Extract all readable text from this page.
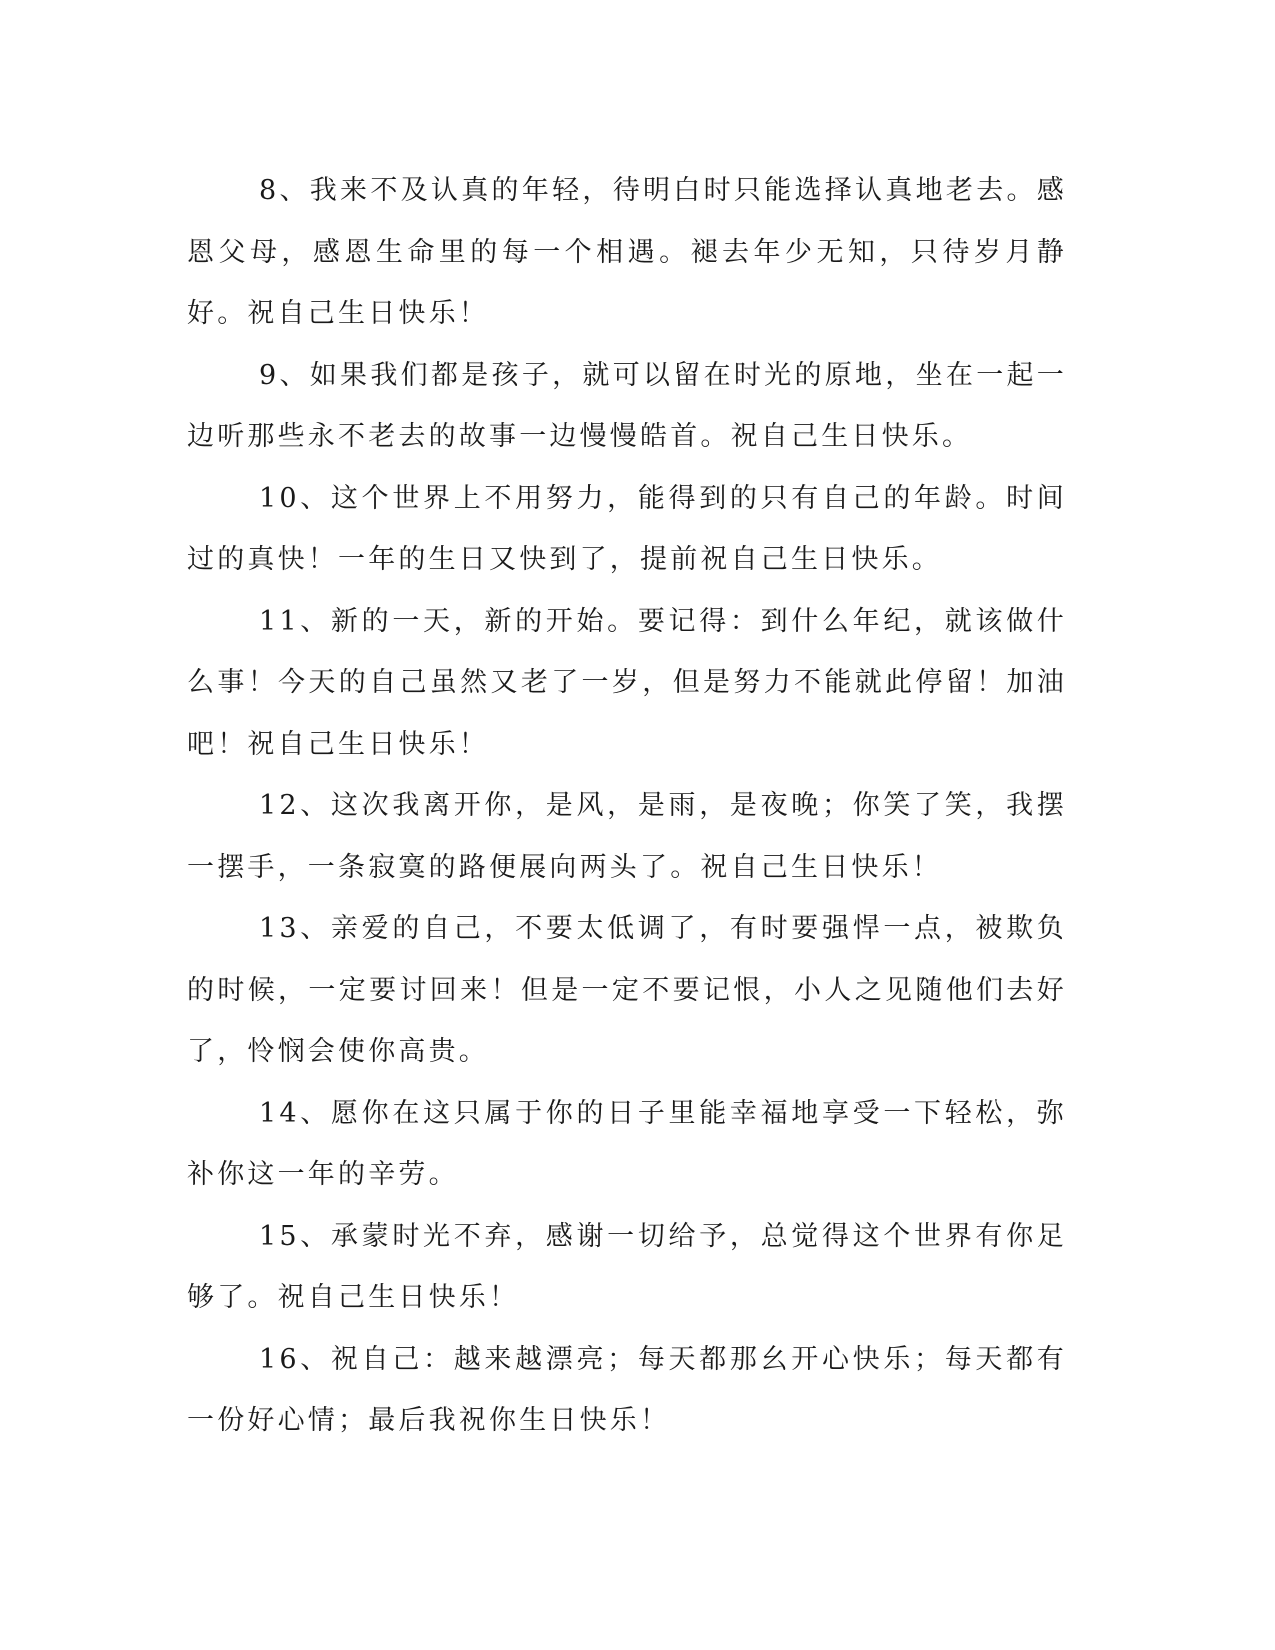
8、我来不及认真的年轻，待明白时只能选择认真地老去。感恩父母，感恩生命里的每一个相遇。褪去年少无知，只待岁月静好。祝自己生日快乐！

9、如果我们都是孩子，就可以留在时光的原地，坐在一起一边听那些永不老去的故事一边慢慢皓首。祝自己生日快乐。

10、这个世界上不用努力，能得到的只有自己的年龄。时间过的真快！一年的生日又快到了，提前祝自己生日快乐。

11、新的一天，新的开始。要记得：到什么年纪，就该做什么事！今天的自己虽然又老了一岁，但是努力不能就此停留！加油吧！祝自己生日快乐！

12、这次我离开你，是风，是雨，是夜晚；你笑了笑，我摆一摆手，一条寂寞的路便展向两头了。祝自己生日快乐！

13、亲爱的自己，不要太低调了，有时要强悍一点，被欺负的时候，一定要讨回来！但是一定不要记恨，小人之见随他们去好了，怜悯会使你高贵。

14、愿你在这只属于你的日子里能幸福地享受一下轻松，弥补你这一年的辛劳。

15、承蒙时光不弃，感谢一切给予，总觉得这个世界有你足够了。祝自己生日快乐！

16、祝自己：越来越漂亮；每天都那幺开心快乐；每天都有一份好心情；最后我祝你生日快乐！
